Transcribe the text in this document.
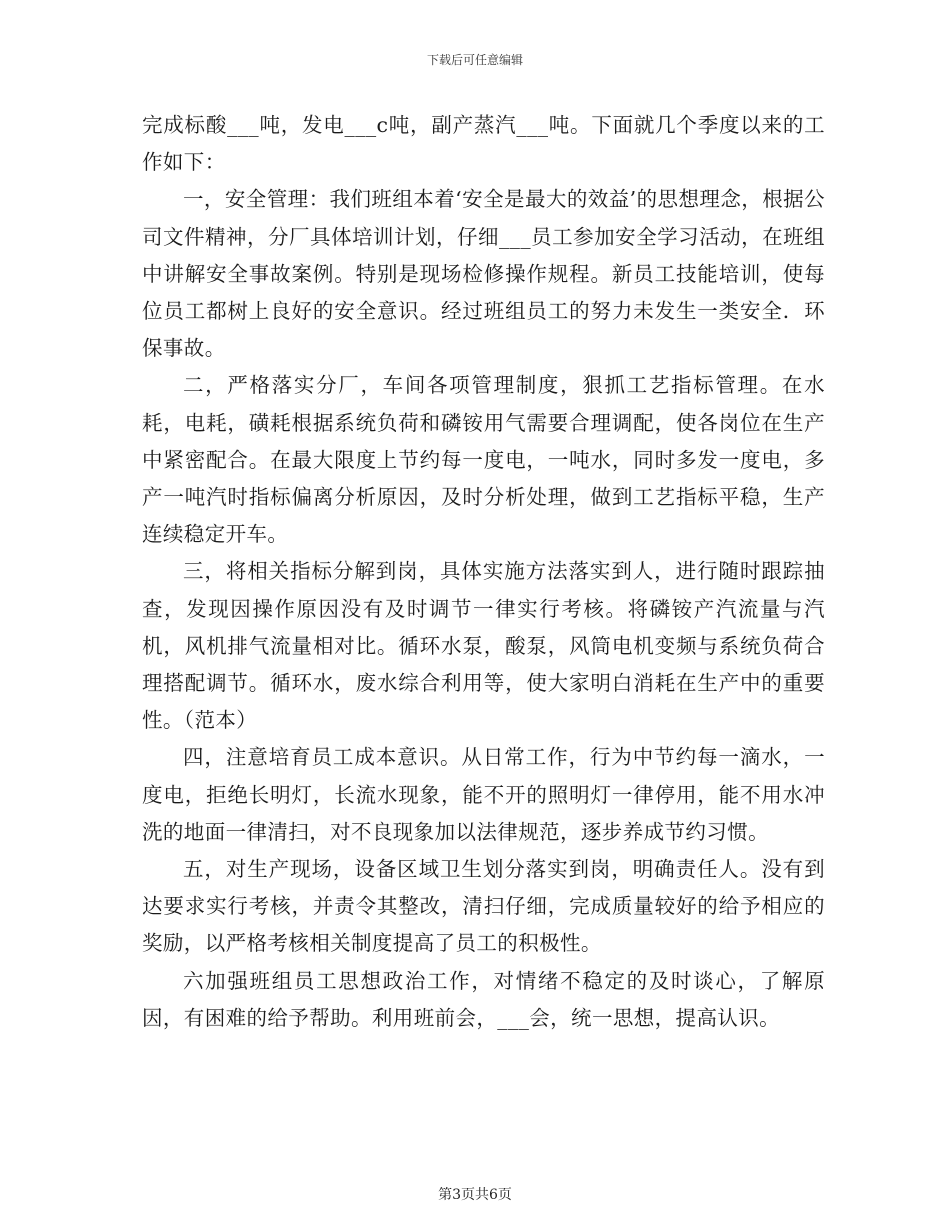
下载后可任意编辑

完成标酸___吨，发电___c吨，副产蒸汽___吨。下面就几个季度以来的工作如下：

一，安全管理：我们班组本着‘安全是最大的效益’的思想理念，根据公司文件精神，分厂具体培训计划，仔细___员工参加安全学习活动，在班组中讲解安全事故案例。特别是现场检修操作规程。新员工技能培训，使每位员工都树上良好的安全意识。经过班组员工的努力未发生一类安全．环保事故。

二，严格落实分厂，车间各项管理制度，狠抓工艺指标管理。在水耗，电耗，磺耗根据系统负荷和磷铵用气需要合理调配，使各岗位在生产中紧密配合。在最大限度上节约每一度电，一吨水，同时多发一度电，多产一吨汽时指标偏离分析原因，及时分析处理，做到工艺指标平稳，生产连续稳定开车。

三，将相关指标分解到岗，具体实施方法落实到人，进行随时跟踪抽查，发现因操作原因没有及时调节一律实行考核。将磷铵产汽流量与汽机，风机排气流量相对比。循环水泵，酸泵，风筒电机变频与系统负荷合理搭配调节。循环水，废水综合利用等，使大家明白消耗在生产中的重要性。（范本）

四，注意培育员工成本意识。从日常工作，行为中节约每一滴水，一度电，拒绝长明灯，长流水现象，能不开的照明灯一律停用，能不用水冲洗的地面一律清扫，对不良现象加以法律规范，逐步养成节约习惯。

五，对生产现场，设备区域卫生划分落实到岗，明确责任人。没有到达要求实行考核，并责令其整改，清扫仔细，完成质量较好的给予相应的奖励，以严格考核相关制度提高了员工的积极性。

六加强班组员工思想政治工作，对情绪不稳定的及时谈心，了解原因，有困难的给予帮助。利用班前会，___会，统一思想，提高认识。

第3页共6页
